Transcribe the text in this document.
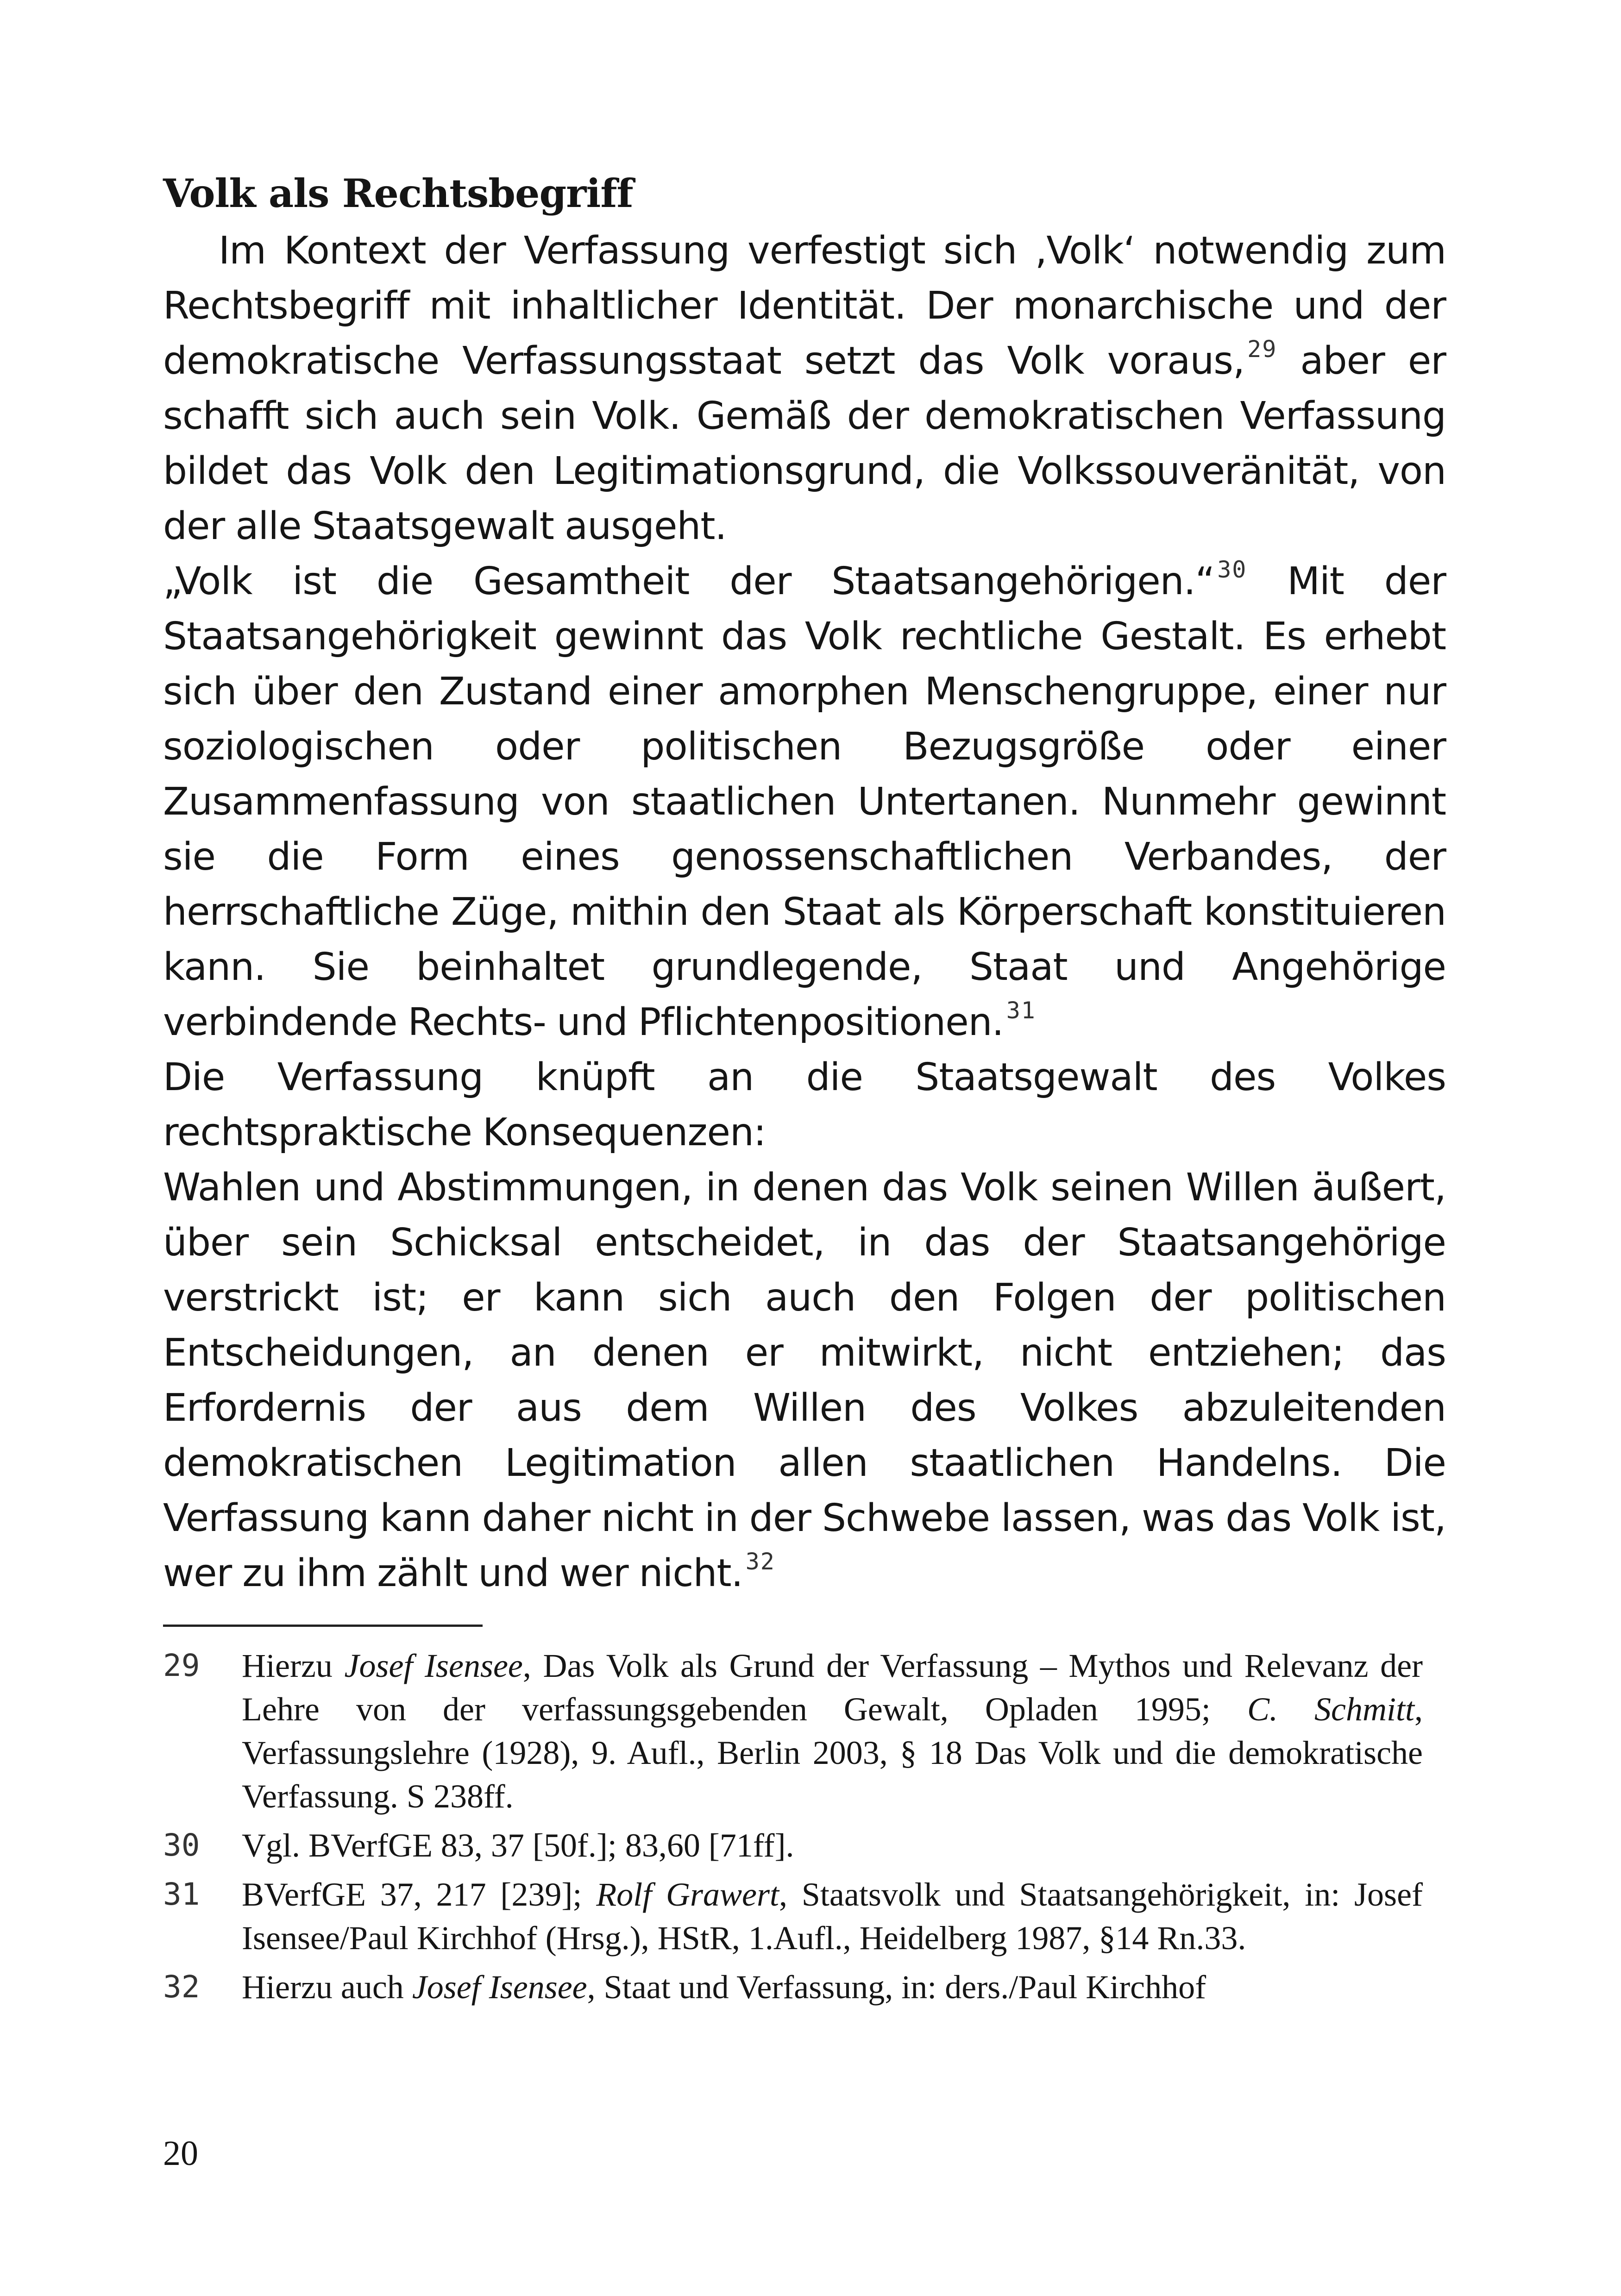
Volk als Rechtsbegriff
Im Kontext der Verfassung verfestigt sich ‚Volk‘ notwendig zum Rechtsbegriff mit inhaltlicher Identität. Der monarchische und der demokratische Verfassungsstaat setzt das Volk voraus, $^{29}$ aber er schafft sich auch sein Volk. Gemäß der demokratischen Verfassung bildet das Volk den Legitimationsgrund, die Volkssouveränität, von der alle Staatsgewalt ausgeht.
„Volk ist die Gesamtheit der Staatsangehörigen.“ $^{30}$ Mit der Staatsangehörigkeit gewinnt das Volk rechtliche Gestalt. Es erhebt sich über den Zustand einer amorphen Menschengruppe, einer nur soziologischen oder politischen Bezugsgröße oder einer Zusammenfassung von staatlichen Untertanen. Nunmehr gewinnt sie die Form eines genossenschaftlichen Verbandes, der herrschaftliche Züge, mithin den Staat als Körperschaft konstituieren kann. Sie beinhaltet grundlegende, Staat und Angehörige verbindende Rechts- und Pflichtenpositionen. $^{31}$
Die Verfassung knüpft an die Staatsgewalt des Volkes rechtspraktische Konsequenzen:
Wahlen und Abstimmungen, in denen das Volk seinen Willen äußert, über sein Schicksal entscheidet, in das der Staatsangehörige verstrickt ist; er kann sich auch den Folgen der politischen Entscheidungen, an denen er mitwirkt, nicht entziehen; das Erfordernis der aus dem Willen des Volkes abzuleitenden demokratischen Legitimation allen staatlichen Handelns. Die Verfassung kann daher nicht in der Schwebe lassen, was das Volk ist, wer zu ihm zählt und wer nicht. $^{32}$
29	Hierzu Josef Isensee, Das Volk als Grund der Verfassung – Mythos und Relevanz der Lehre von der verfassungsgebenden Gewalt, Opladen 1995; C. Schmitt, Verfassungslehre (1928), 9. Aufl., Berlin 2003, § 18 Das Volk und die demokratische Verfassung. S 238ff.
30	Vgl. BVerfGE 83, 37 [50f.]; 83,60 [71ff].
31	BVerfGE 37, 217 [239]; Rolf Grawert, Staatsvolk und Staatsangehörigkeit, in: Josef Isensee/Paul Kirchhof (Hrsg.), HStR, 1.Aufl., Heidelberg 1987, §14 Rn.33.
32	Hierzu auch Josef Isensee, Staat und Verfassung, in: ders./Paul Kirchhof
20
